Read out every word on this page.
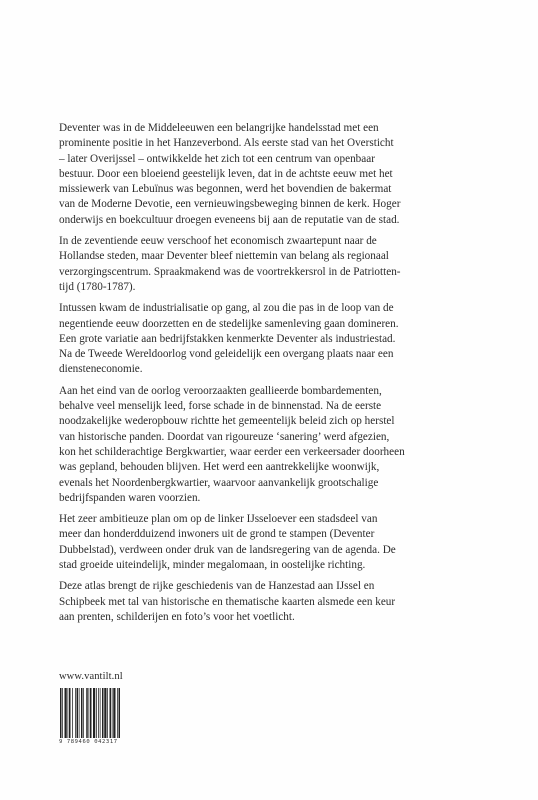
Deventer was in de Middeleeuwen een belangrijke handelsstad met een
prominente positie in het Hanzeverbond. Als eerste stad van het Oversticht
– later Overijssel – ontwikkelde het zich tot een centrum van openbaar
bestuur. Door een bloeiend geestelijk leven, dat in de achtste eeuw met het
missiewerk van Lebuïnus was begonnen, werd het bovendien de bakermat
van de Moderne Devotie, een vernieuwingsbeweging binnen de kerk. Hoger
onderwijs en boekcultuur droegen eveneens bij aan de reputatie van de stad.

In de zeventiende eeuw verschoof het economisch zwaartepunt naar de
Hollandse steden, maar Deventer bleef niettemin van belang als regionaal
verzorgingscentrum. Spraakmakend was de voortrekkersrol in de Patriotten-
tijd (1780-1787).

Intussen kwam de industrialisatie op gang, al zou die pas in de loop van de
negentiende eeuw doorzetten en de stedelijke samenleving gaan domineren.
Een grote variatie aan bedrijfstakken kenmerkte Deventer als industriestad.
Na de Tweede Wereldoorlog vond geleidelijk een overgang plaats naar een
diensteneconomie.

Aan het eind van de oorlog veroorzaakten geallieerde bombardementen,
behalve veel menselijk leed, forse schade in de binnenstad. Na de eerste
noodzakelijke wederopbouw richtte het gemeentelijk beleid zich op herstel
van historische panden. Doordat van rigoureuze ‘sanering’ werd afgezien,
kon het schilderachtige Bergkwartier, waar eerder een verkeersader doorheen
was gepland, behouden blijven. Het werd een aantrekkelijke woonwijk,
evenals het Noordenbergkwartier, waarvoor aanvankelijk grootschalige
bedrijfspanden waren voorzien.

Het zeer ambitieuze plan om op de linker IJsseloever een stadsdeel van
meer dan honderdduizend inwoners uit de grond te stampen (Deventer
Dubbelstad), verdween onder druk van de landsregering van de agenda. De
stad groeide uiteindelijk, minder megalomaan, in oostelijke richting.

Deze atlas brengt de rijke geschiedenis van de Hanzestad aan IJssel en
Schipbeek met tal van historische en thematische kaarten alsmede een keur
aan prenten, schilderijen en foto’s voor het voetlicht.

www.vantilt.nl
9 789460 042317
